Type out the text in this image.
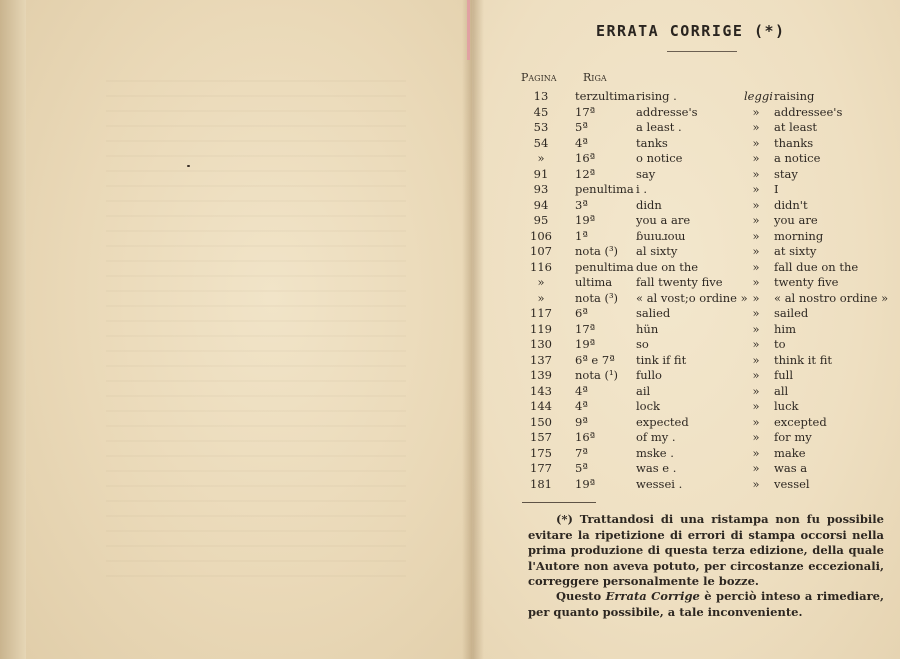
ERRATA CORRIGE (*)
Pagina Riga
13	terzultima rising .	leggi raising
45	17ª	addresse's	»	addressee's
53	5ª	a least .	»	at least
54	4ª	tanks	»	thanks
»	16ª	o notice	»	a notice
91	12ª	say	»	stay
93	penultima i .	»	I
94	3ª	didn	»	didn't
95	19ª	you a are	»	you are
106	1ª	ɓuıuɹoɯ	»	morning
107	nota (³)	al sixty	»	at sixty
116	penultima due on the	»	fall due on the
»	ultima	fall twenty five	»	twenty five
»	nota (³)	« al vost;o ordine » »	« al nostro ordine »
117	6ª	salied	»	sailed
119	17ª	hün	»	him
130	19ª	so	»	to
137	6ª e 7ª	tink if fit	»	think it fit
139	nota (¹)	fullo	»	full
143	4ª	ail	»	all
144	4ª	lock	»	luck
150	9ª	expected	»	excepted
157	16ª	of my .	»	for my
175	7ª	mske .	»	make
177	5ª	was e .	»	was a
181	19ª	wessei .	»	vessel
(*) Trattandosi di una ristampa non fu possibile evitare la ripetizione di errori di stampa occorsi nella prima produzione di questa terza edizione, della quale l'Autore non aveva potuto, per circostanze eccezionali, correggere personalmente le bozze.
Questo Errata Corrige è perciò inteso a rimediare, per quanto possibile, a tale inconveniente.
